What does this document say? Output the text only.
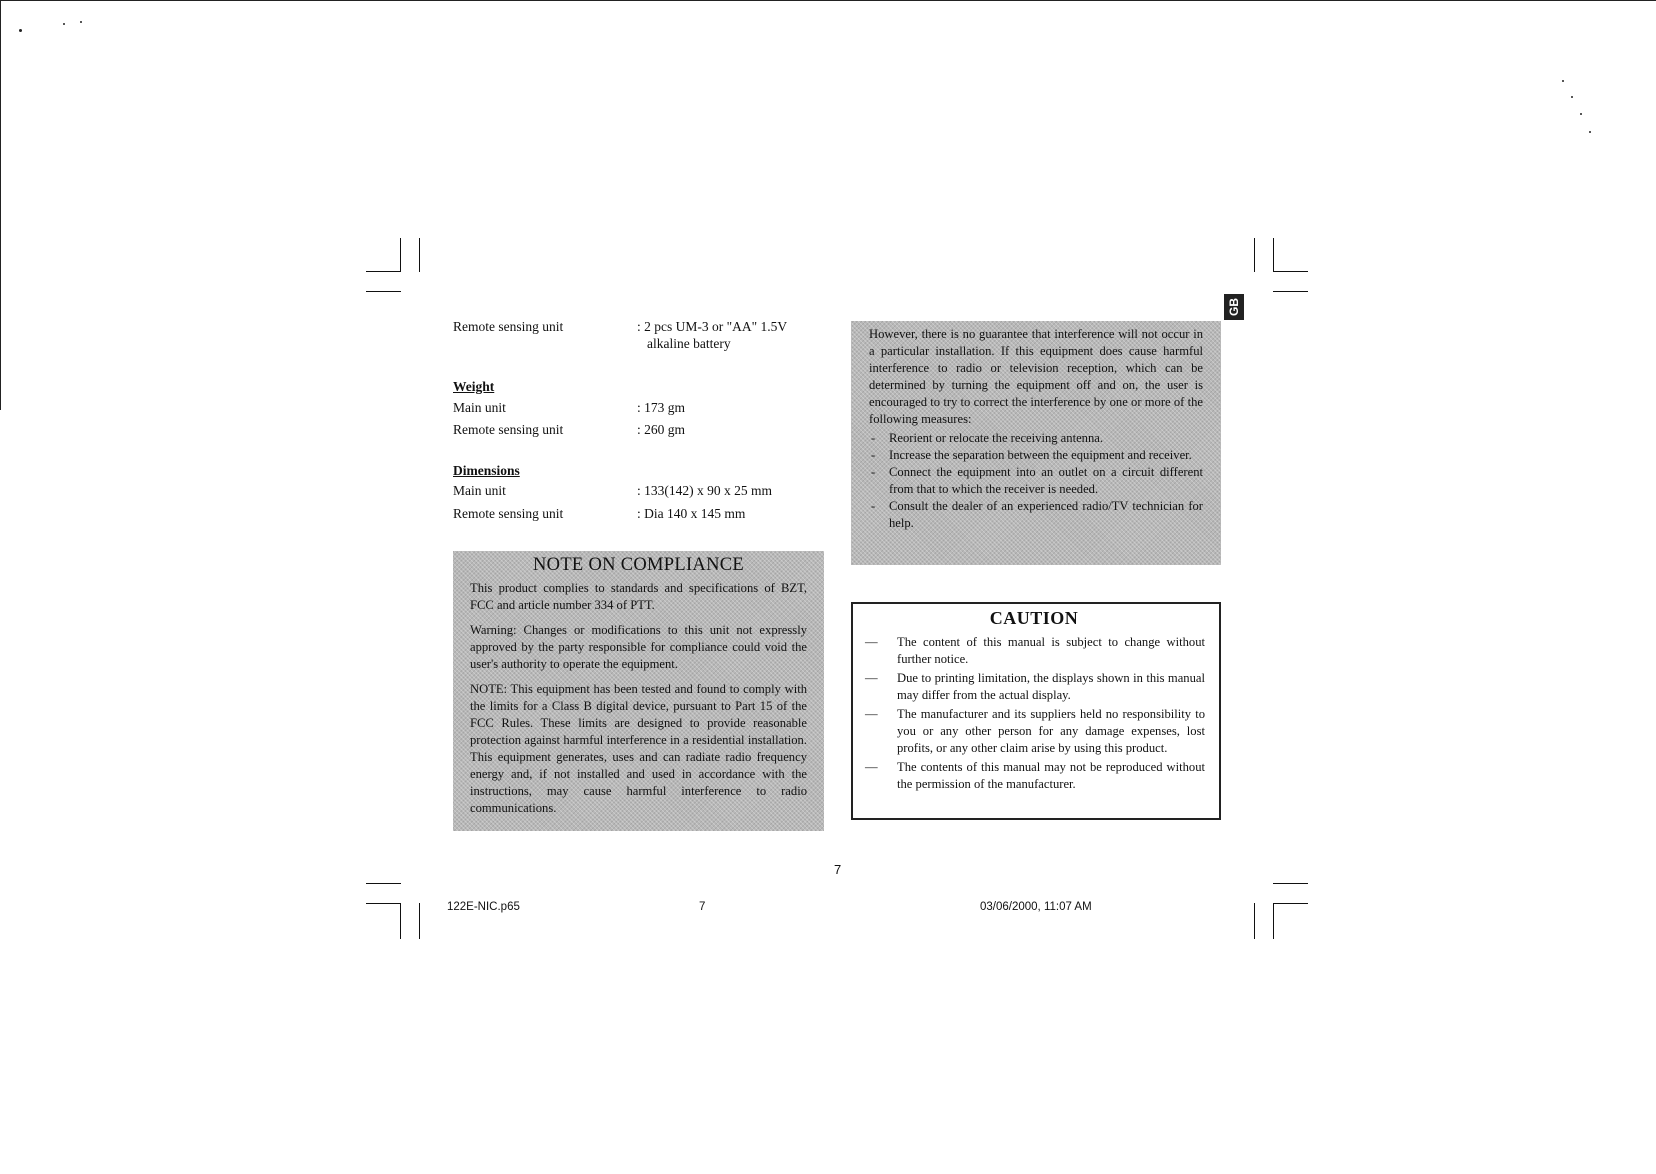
Remote sensing unit	: 2 pcs UM-3 or "AA" 1.5V
alkaline battery
Weight
Main unit	: 173 gm
Remote sensing unit	: 260 gm
Dimensions
Main unit	: 133(142) x 90 x 25 mm
Remote sensing unit	: Dia 140 x 145 mm
NOTE ON COMPLIANCE

This product complies to standards and specifications of BZT, FCC and article number 334 of PTT.

Warning: Changes or modifications to this unit not expressly approved by the party responsible for compliance could void the user's authority to operate the equipment.

NOTE: This equipment has been tested and found to comply with the limits for a Class B digital device, pursuant to Part 15 of the FCC Rules. These limits are designed to provide reasonable protection against harmful interference in a residential installation. This equipment generates, uses and can radiate radio frequency energy and, if not installed and used in accordance with the instructions, may cause harmful interference to radio communications.

However, there is no guarantee that interference will not occur in a particular installation. If this equipment does cause harmful interference to radio or television reception, which can be determined by turning the equipment off and on, the user is encouraged to try to correct the interference by one or more of the following measures:

- Reorient or relocate the receiving antenna.
- Increase the separation between the equipment and receiver.
- Connect the equipment into an outlet on a circuit different from that to which the receiver is needed.
- Consult the dealer of an experienced radio/TV technician for help.
CAUTION
— The content of this manual is subject to change without further notice.
— Due to printing limitation, the displays shown in this manual may differ from the actual display.
— The manufacturer and its suppliers held no responsibility to you or any other person for any damage expenses, lost profits, or any other claim arise by using this product.
— The contents of this manual may not be reproduced without the permission of the manufacturer.
GB
7
122E-NIC.p65	7	03/06/2000, 11:07 AM
